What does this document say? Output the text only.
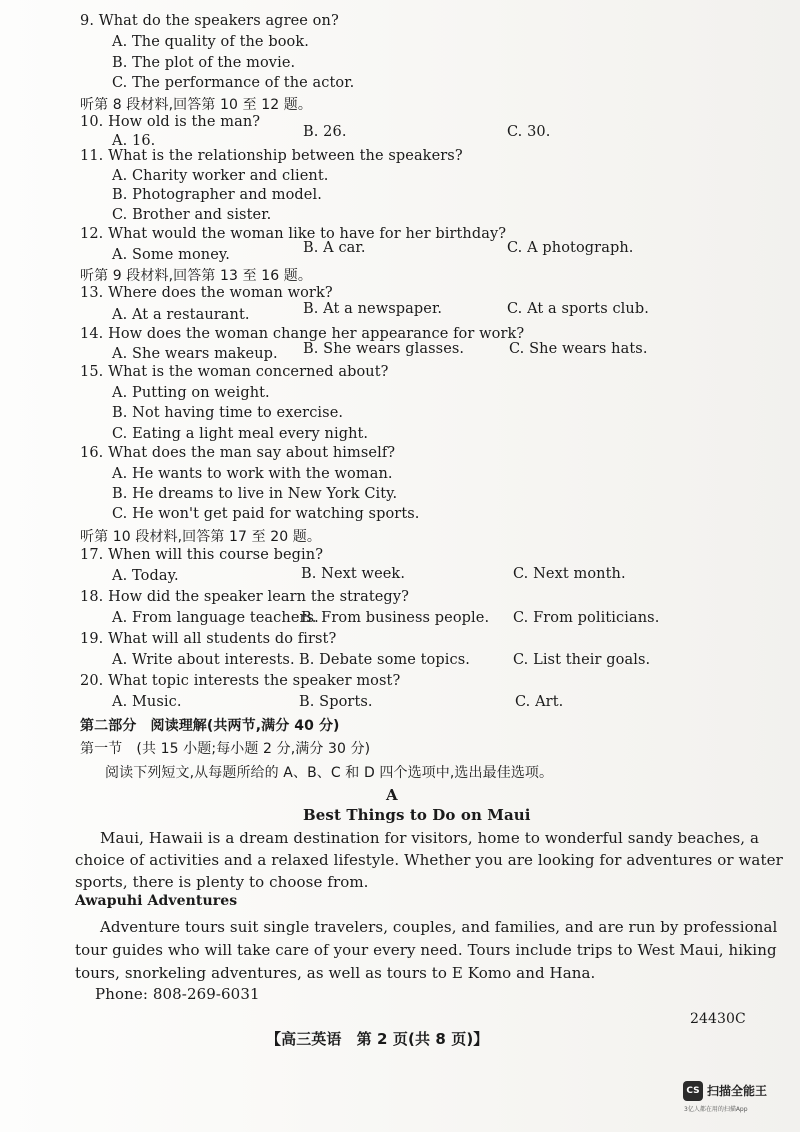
9. What do the speakers agree on?
A. The quality of the book.
B. The plot of the movie.
C. The performance of the actor.
听第 8 段材料,回答第 10 至 12 题。
10. How old is the man?
A. 16.
B. 26.	C. 30.
11. What is the relationship between the speakers?
A. Charity worker and client.
B. Photographer and model.
C. Brother and sister.
12. What would the woman like to have for her birthday?
A. Some money.	B. A car.	C. A photograph.
听第 9 段材料,回答第 13 至 16 题。
13. Where does the woman work?
A. At a restaurant.	B. At a newspaper.	C. At a sports club.
14. How does the woman change her appearance for work?
A. She wears makeup. B. She wears glasses.	C. She wears hats.
15. What is the woman concerned about?
A. Putting on weight.
B. Not having time to exercise.
C. Eating a light meal every night.
16. What does the man say about himself?
A. He wants to work with the woman.
B. He dreams to live in New York City.
C. He won't get paid for watching sports.
听第 10 段材料,回答第 17 至 20 题。
17. When will this course begin?
A. Today.	B. Next week.	C. Next month.
18. How did the speaker learn the strategy?
A. From language teachers.
B. From business people. C. From politicians.
19. What will all students do first?
A. Write about interests. B. Debate some topics.	C. List their goals.
20. What topic interests the speaker most?
A. Music.	B. Sports.	C. Art.
第二部分　阅读理解(共两节,满分 40 分)
第一节　(共 15 小题;每小题 2 分,满分 30 分)
阅读下列短文,从每题所给的 A、B、C 和 D 四个选项中,选出最佳选项。
A
Best Things to Do on Maui
Maui, Hawaii is a dream destination for visitors, home to wonderful sandy beaches, a
choice of activities and a relaxed lifestyle. Whether you are looking for adventures or water
sports, there is plenty to choose from.
Awapuhi Adventures
Adventure tours suit single travelers, couples, and families, and are run by professional
tour guides who will take care of your every need. Tours include trips to West Maui, hiking
tours, snorkeling adventures, as well as tours to E Komo and Hana.
Phone: 808-269-6031
24430C
【高三英语　第 2 页(共 8 页)】
CS 扫描全能王
3亿人都在用的扫描App
